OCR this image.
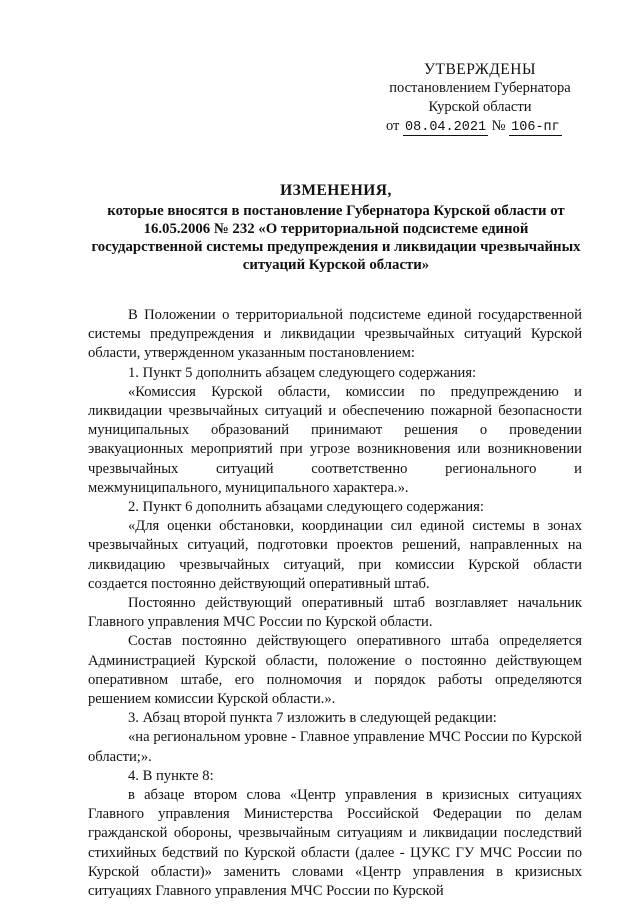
УТВЕРЖДЕНЫ
постановлением Губернатора
Курской области
от 08.04.2021 № 106-пг
ИЗМЕНЕНИЯ,
которые вносятся в постановление Губернатора Курской области от 16.05.2006 № 232 «О территориальной подсистеме единой государственной системы предупреждения и ликвидации чрезвычайных ситуаций Курской области»

В Положении о территориальной подсистеме единой государственной системы предупреждения и ликвидации чрезвычайных ситуаций Курской области, утвержденном указанным постановлением:

1. Пункт 5 дополнить абзацем следующего содержания:

«Комиссия Курской области, комиссии по предупреждению и ликвидации чрезвычайных ситуаций и обеспечению пожарной безопасности муниципальных образований принимают решения о проведении эвакуационных мероприятий при угрозе возникновения или возникновении чрезвычайных ситуаций соответственно регионального и межмуниципального, муниципального характера.».

2. Пункт 6 дополнить абзацами следующего содержания:

«Для оценки обстановки, координации сил единой системы в зонах чрезвычайных ситуаций, подготовки проектов решений, направленных на ликвидацию чрезвычайных ситуаций, при комиссии Курской области создается постоянно действующий оперативный штаб.

Постоянно действующий оперативный штаб возглавляет начальник Главного управления МЧС России по Курской области.

Состав постоянно действующего оперативного штаба определяется Администрацией Курской области, положение о постоянно действующем оперативном штабе, его полномочия и порядок работы определяются решением комиссии Курской области.».

3. Абзац второй пункта 7 изложить в следующей редакции:

«на региональном уровне - Главное управление МЧС России по Курской области;».

4. В пункте 8:

в абзаце втором слова «Центр управления в кризисных ситуациях Главного управления Министерства Российской Федерации по делам гражданской обороны, чрезвычайным ситуациям и ликвидации последствий стихийных бедствий по Курской области (далее - ЦУКС ГУ МЧС России по Курской области)» заменить словами «Центр управления в кризисных ситуациях Главного управления МЧС России по Курской
